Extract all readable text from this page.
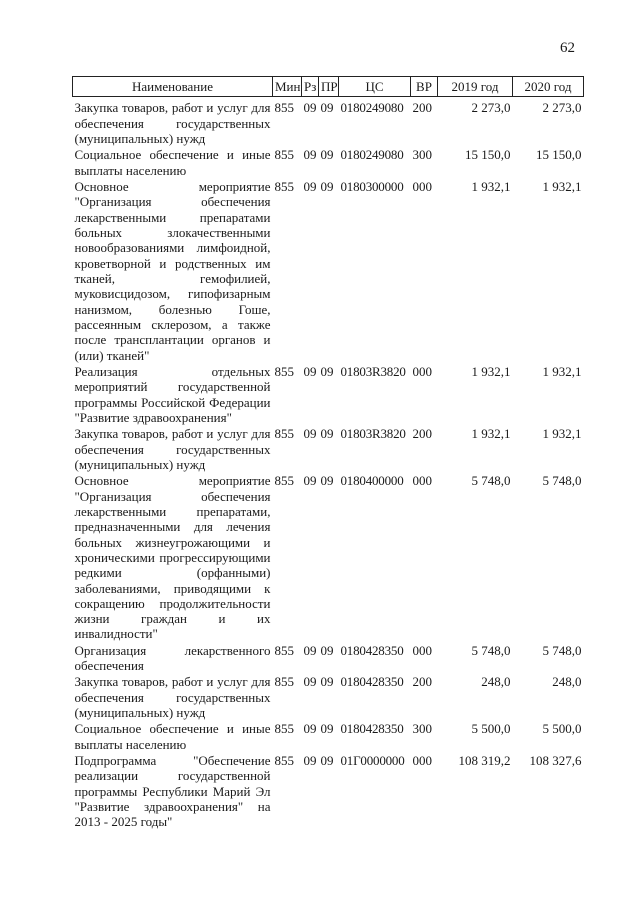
62
Наименование	Мин	Рз	ПР	ЦС	ВР	2019 год	2020 год

Закупка товаров, работ и услуг для обеспечения государственных (муниципальных) нужд	855	09	09	0180249080	200	2 273,0	2 273,0
Социальное обеспечение и иные выплаты населению	855	09	09	0180249080	300	15 150,0	15 150,0
Основное мероприятие "Организация обеспечения лекарственными препаратами больных злокачественными новообразованиями лимфоидной, кроветворной и родственных им тканей, гемофилией, муковисцидозом, гипофизарным нанизмом, болезнью Гоше, рассеянным склерозом, а также после трансплантации органов и (или) тканей"	855	09	09	0180300000	000	1 932,1	1 932,1
Реализация отдельных мероприятий государственной программы Российской Федерации "Развитие здравоохранения"	855	09	09	01803R3820	000	1 932,1	1 932,1
Закупка товаров, работ и услуг для обеспечения государственных (муниципальных) нужд	855	09	09	01803R3820	200	1 932,1	1 932,1
Основное мероприятие "Организация обеспечения лекарственными препаратами, предназначенными для лечения больных жизнеугрожающими и хроническими прогрессирующими редкими (орфанными) заболеваниями, приводящими к сокращению продолжительности жизни граждан и их инвалидности"	855	09	09	0180400000	000	5 748,0	5 748,0
Организация лекарственного обеспечения	855	09	09	0180428350	000	5 748,0	5 748,0
Закупка товаров, работ и услуг для обеспечения государственных (муниципальных) нужд	855	09	09	0180428350	200	248,0	248,0
Социальное обеспечение и иные выплаты населению	855	09	09	0180428350	300	5 500,0	5 500,0
Подпрограмма "Обеспечение реализации государственной программы Республики Марий Эл "Развитие здравоохранения" на 2013 - 2025 годы"	855	09	09	01Г0000000	000	108 319,2	108 327,6
